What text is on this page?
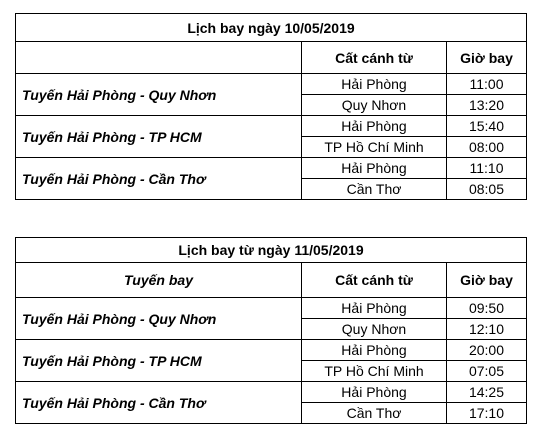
Lịch bay ngày 10/05/2019		
	Cất cánh từ	Giờ bay
Tuyến Hải Phòng - Quy Nhơn	Hải Phòng	11:00
	Quy Nhơn	13:20
Tuyến Hải Phòng - TP HCM	Hải Phòng	15:40
	TP Hồ Chí Minh	08:00
Tuyến Hải Phòng - Cần Thơ	Hải Phòng	11:10
	Cần Thơ	08:05
Lịch bay từ ngày 11/05/2019		
Tuyến bay	Cất cánh từ	Giờ bay
Tuyến Hải Phòng - Quy Nhơn	Hải Phòng	09:50
	Quy Nhơn	12:10
Tuyến Hải Phòng - TP HCM	Hải Phòng	20:00
	TP Hồ Chí Minh	07:05
Tuyến Hải Phòng - Cần Thơ	Hải Phòng	14:25
	Cần Thơ	17:10
